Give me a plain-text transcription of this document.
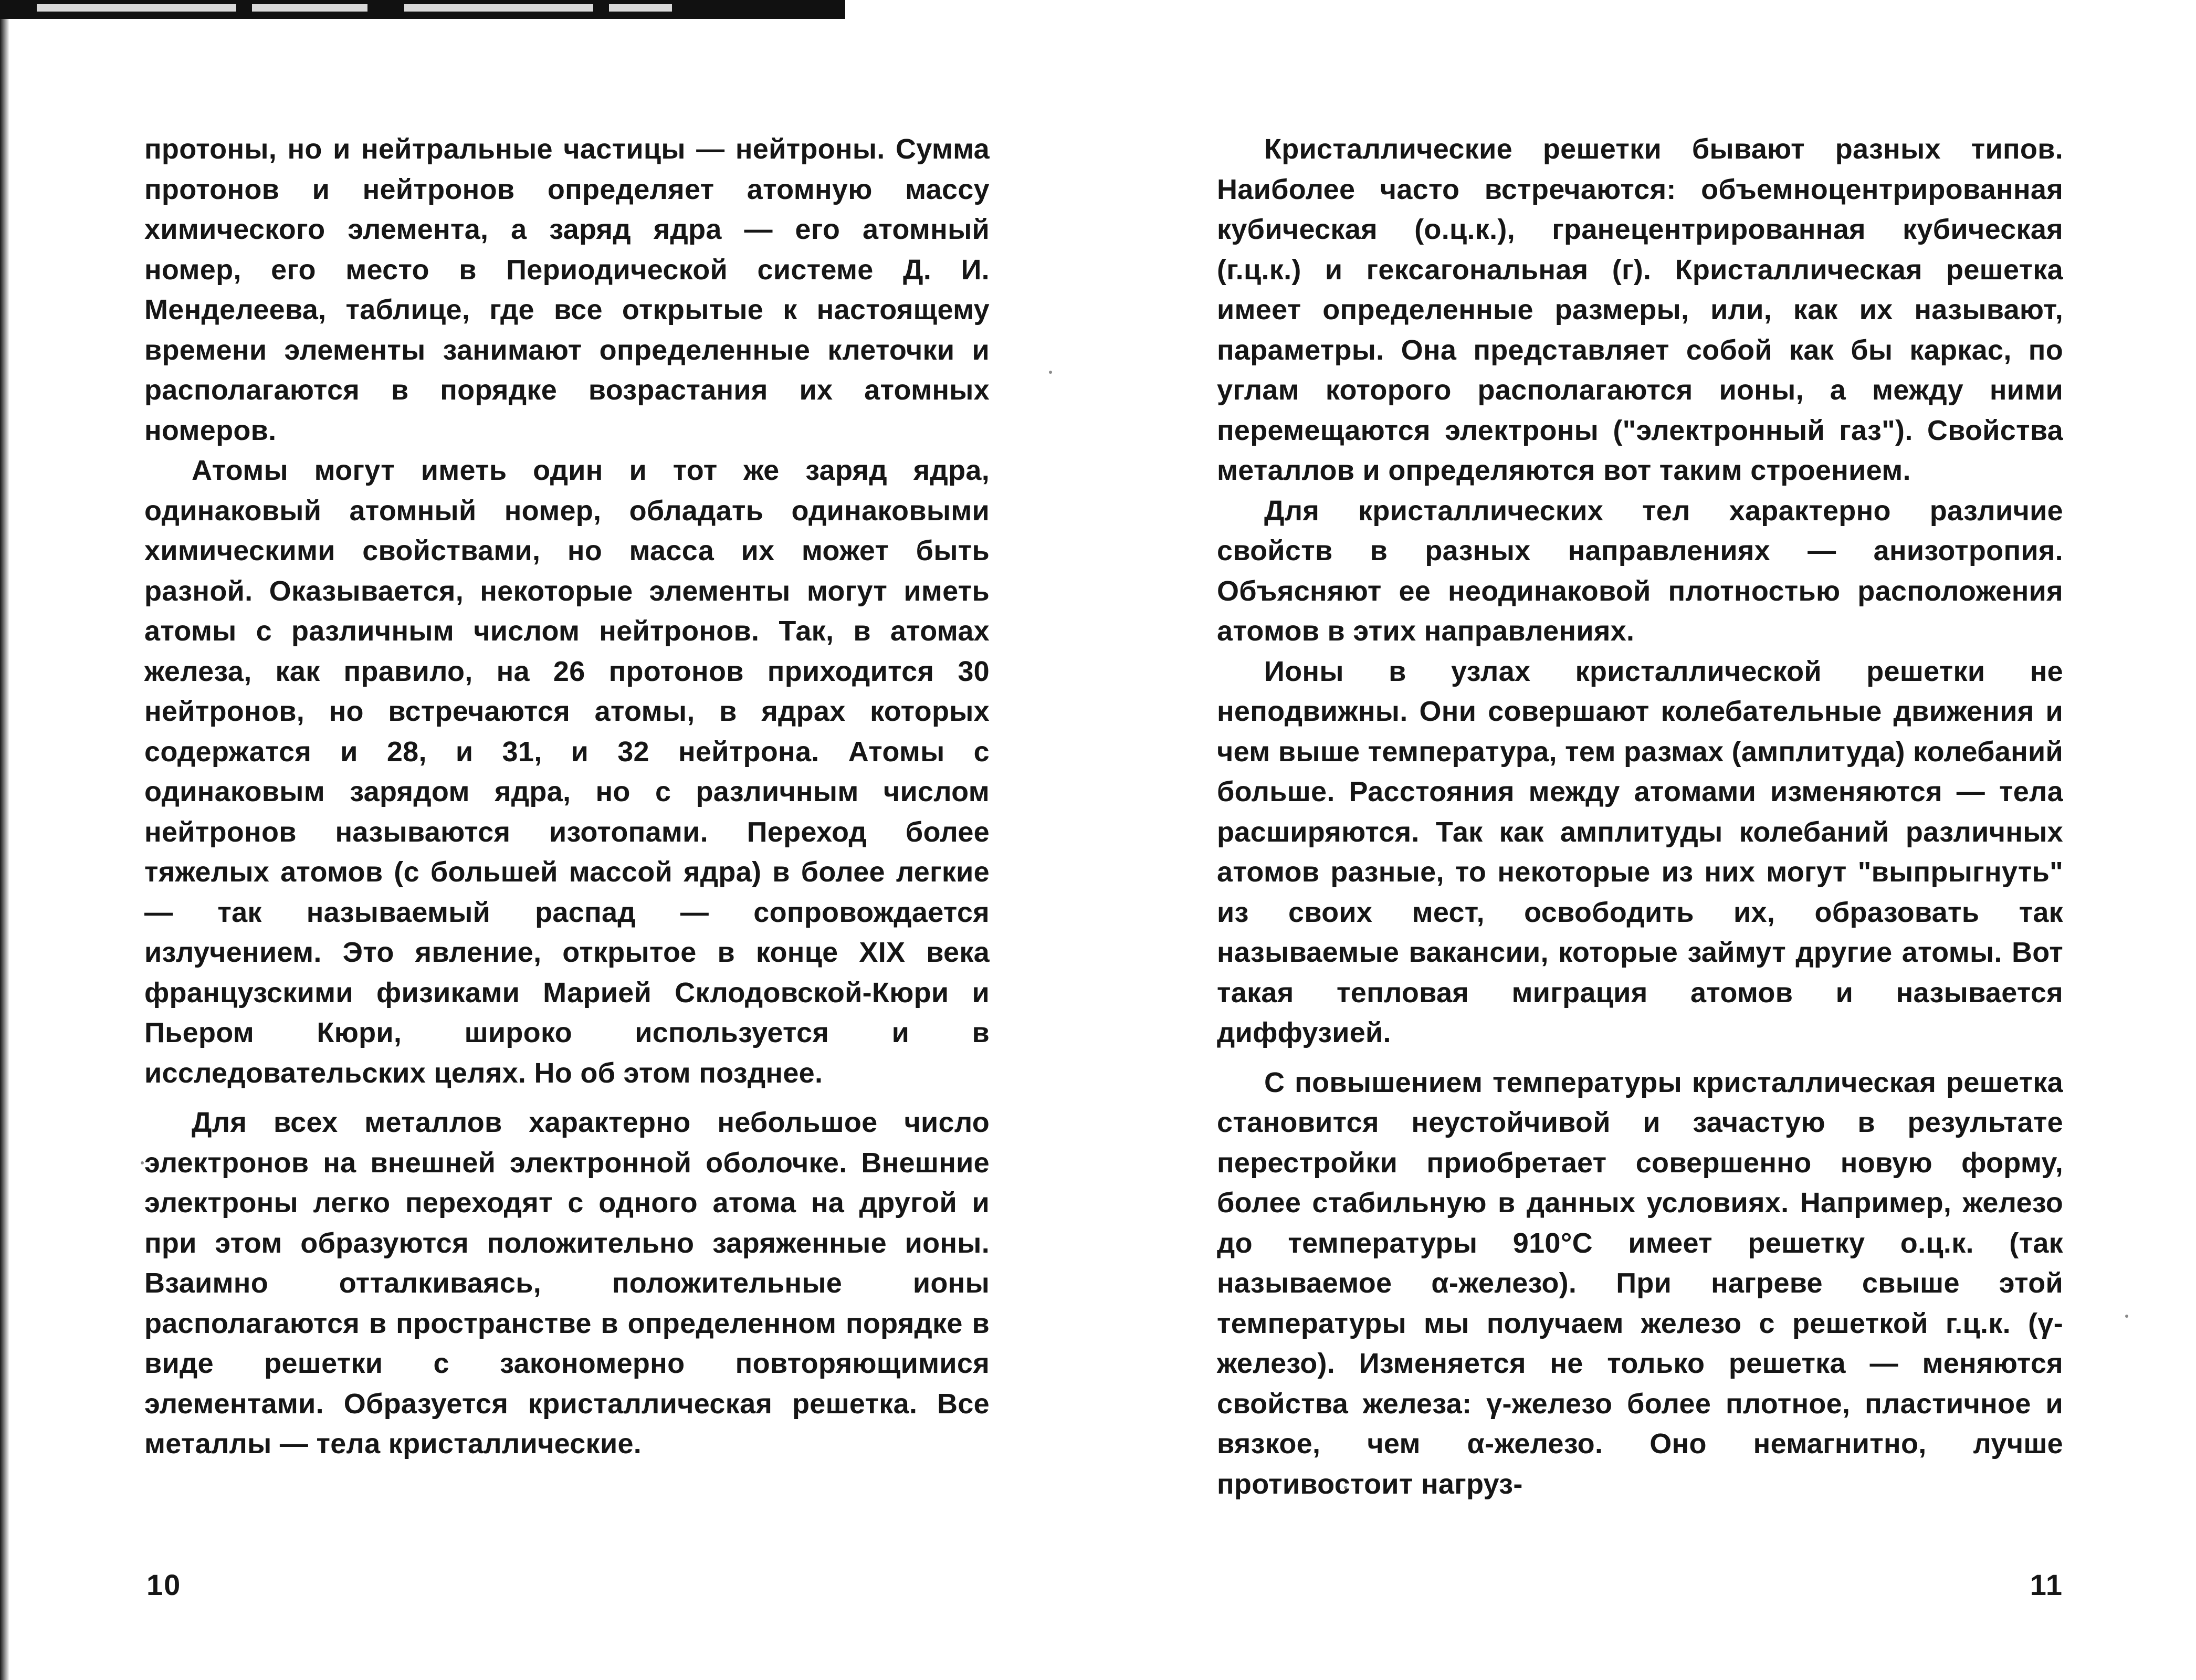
протоны, но и нейтральные частицы — нейтроны. Сумма протонов и нейтронов определяет атомную массу химического элемента, а заряд ядра — его атомный номер, его место в Периодической системе Д. И. Менделеева, таблице, где все открытые к настоящему времени элементы занимают определенные клеточки и располагаются в порядке возрастания их атомных номеров.

Атомы могут иметь один и тот же заряд ядра, одинаковый атомный номер, обладать одинаковыми химическими свойствами, но масса их может быть разной. Оказывается, некоторые элементы могут иметь атомы с различным числом нейтронов. Так, в атомах железа, как правило, на 26 протонов приходится 30 нейтронов, но встречаются атомы, в ядрах которых содержатся и 28, и 31, и 32 нейтрона. Атомы с одинаковым зарядом ядра, но с различным числом нейтронов называются изотопами. Переход более тяжелых атомов (с большей массой ядра) в более легкие — так называемый распад — сопровождается излучением. Это явление, открытое в конце XIX века французскими физиками Марией Склодовской-Кюри и Пьером Кюри, широко используется и в исследовательских целях. Но об этом позднее.

Для всех металлов характерно небольшое число электронов на внешней электронной оболочке. Внешние электроны легко переходят с одного атома на другой и при этом образуются положительно заряженные ионы. Взаимно отталкиваясь, положительные ионы располагаются в пространстве в определенном порядке в виде решетки с закономерно повторяющимися элементами. Образуется кристаллическая решетка. Все металлы — тела кристаллические.

10

Кристаллические решетки бывают разных типов. Наиболее часто встречаются: объемноцентрированная кубическая (о.ц.к.), гранецентрированная кубическая (г.ц.к.) и гексагональная (г). Кристаллическая решетка имеет определенные размеры, или, как их называют, параметры. Она представляет собой как бы каркас, по углам которого располагаются ионы, а между ними перемещаются электроны ("электронный газ"). Свойства металлов и определяются вот таким строением.

Для кристаллических тел характерно различие свойств в разных направлениях — анизотропия. Объясняют ее неодинаковой плотностью расположения атомов в этих направлениях.

Ионы в узлах кристаллической решетки не неподвижны. Они совершают колебательные движения и чем выше температура, тем размах (амплитуда) колебаний больше. Расстояния между атомами изменяются — тела расширяются. Так как амплитуды колебаний различных атомов разные, то некоторые из них могут "выпрыгнуть" из своих мест, освободить их, образовать так называемые вакансии, которые займут другие атомы. Вот такая тепловая миграция атомов и называется диффузией.

С повышением температуры кристаллическая решетка становится неустойчивой и зачастую в результате перестройки приобретает совершенно новую форму, более стабильную в данных условиях. Например, железо до температуры 910°C имеет решетку о.ц.к. (так называемое α-железо). При нагреве свыше этой температуры мы получаем железо с решеткой г.ц.к. (γ-железо). Изменяется не только решетка — меняются свойства железа: γ-железо более плотное, пластичное и вязкое, чем α-железо. Оно немагнитно, лучше противостоит нагруз-

11
